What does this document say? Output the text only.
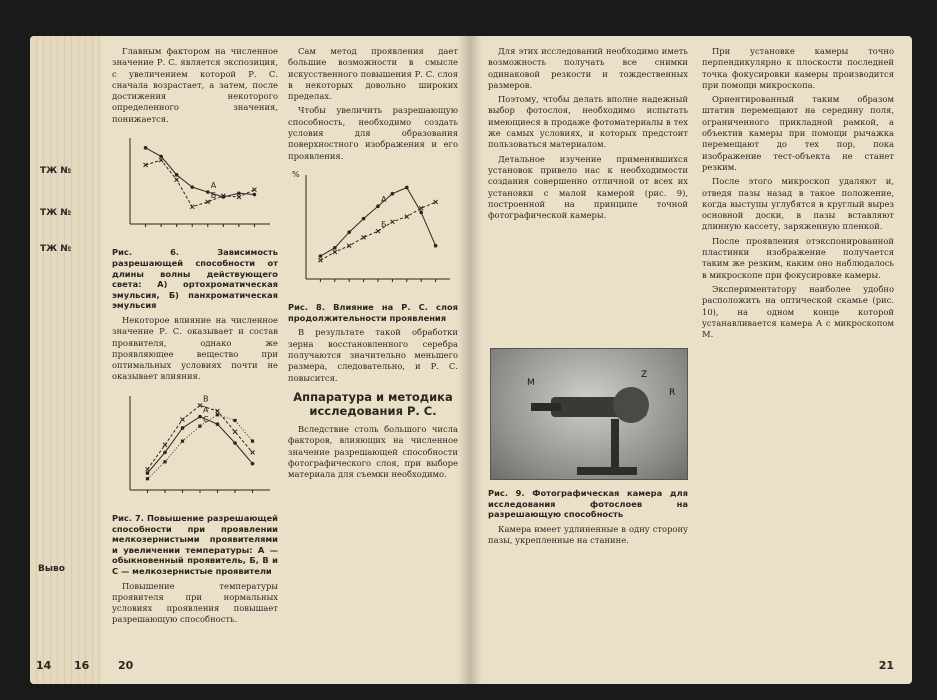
ТЖ №
ТЖ №
ТЖ №
Выво
14 16

Главным фактором на численное значение Р. С. является экспозиция, с увеличением которой Р. С. сначала возрастает, а затем, после достижения некоторого определенного значения, понижается.

А
Б
Рис. 6. Зависимость разрешающей способности от длины волны действующего света: А) ортохроматическая эмульсия, Б) панхроматическая эмульсия

Некоторое влияние на численное значение Р. С. оказывает и состав проявителя, однако же проявляющее вещество при оптимальных условиях почти не оказывает влияния.

А
В
С
Рис. 7. Повышение разрешающей способности при проявлении мелкозернистыми проявителями и увеличении температуры: А — обыкновенный проявитель, Б, В и С — мелкозернистые проявители

Повышение температуры проявителя при нормальных условиях проявления повышает разрешающую способность.

Сам метод проявления дает большие возможности в смысле искусственного повышения Р. С. слоя в некоторых довольно широких пределах.

Чтобы увеличить разрешающую способность, необходимо создать условия для образования поверхностного изображения и его проявления.

%
А
Б
Рис. 8. Влияние на Р. С. слоя продолжительности проявления

В результате такой обработки зерна восстановленного серебра получаются значительно меньшего размера, следовательно, и Р. С. повысится.

Аппаратура и методика исследования Р. С.

Вследствие столь большого числа факторов, влияющих на численное значение разрешающей способности фотографического слоя, при выборе материала для съемки необходимо.

20

Для этих исследований необходимо иметь возможность получать все снимки одинаковой резкости и тождественных размеров.

Поэтому, чтобы делать вполне надежный выбор фотослоя, необходимо испытать имеющиеся в продаже фотоматериалы в тех же самых условиях, и которых предстоит пользоваться материалом.

Детальное изучение применявшихся установок привело нас к необходимости создания совершенно отличной от всех их установки с малой камерой (рис. 9), построенной на принципе точной фотографической камеры.

M
Z
R
Рис. 9. Фотографическая камера для исследования фотослоев на разрешающую способность

Камера имеет удлиненные в одну сторону пазы, укрепленные на станине.

При установке камеры точно перпендикулярно к плоскости последней точка фокусировки камеры производится при помощи микроскопа.

Ориентированный таким образом штатив перемещают на середину поля, ограниченного прикладной рамкой, а объектив камеры при помощи рычажка перемещают до тех пор, пока изображение тест-объекта не станет резким.

После этого микроскоп удаляют и, отведя пазы назад в такое положение, когда выступы углубятся в круглый вырез основной доски, в пазы вставляют длинную кассету, заряженную пленкой.

После проявления отэкспонированной пластинки изображение получается таким же резким, каким оно наблюдалось в микроскопе при фокусировке камеры.

Экспериментатору наиболее удобно расположить на оптической скамье (рис. 10), на одном конце которой устанавливается камера А с микроскопом М.

21
